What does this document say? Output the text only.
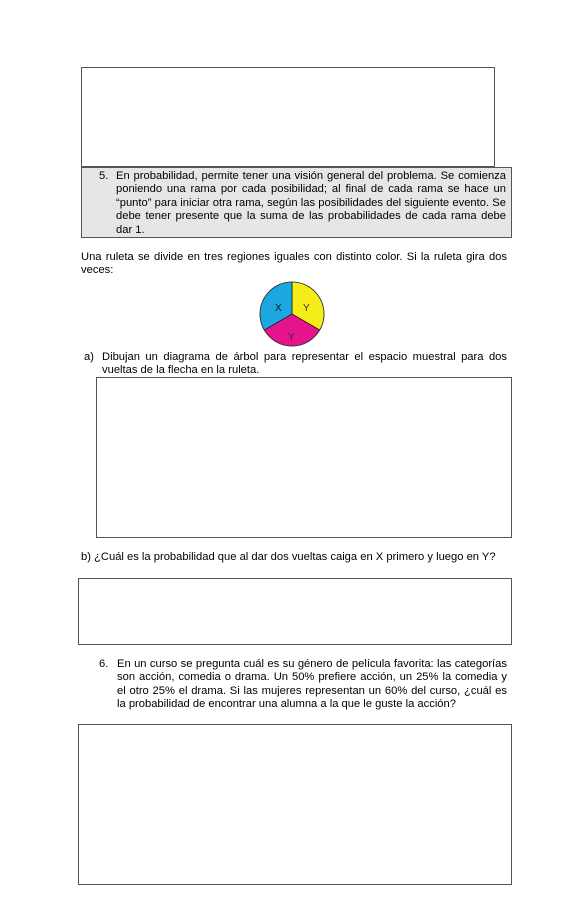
5. En probabilidad, permite tener una visión general del problema. Se comienza poniendo una rama por cada posibilidad; al final de cada rama se hace un “punto” para iniciar otra rama, según las posibilidades del siguiente evento. Se debe tener presente que la suma de las probabilidades de cada rama debe dar 1.
Una ruleta se divide en tres regiones iguales con distinto color. Si la ruleta gira dos veces:
X Y
Y
a) Dibujan un diagrama de árbol para representar el espacio muestral para dos vueltas de la flecha en la ruleta.
b) ¿Cuál es la probabilidad que al dar dos vueltas caiga en X primero y luego en Y?
6. En un curso se pregunta cuál es su género de película favorita: las categorías son acción, comedia o drama. Un 50% prefiere acción, un 25% la comedia y el otro 25% el drama. Si las mujeres representan un 60% del curso, ¿cuál es la probabilidad de encontrar una alumna a la que le guste la acción?
